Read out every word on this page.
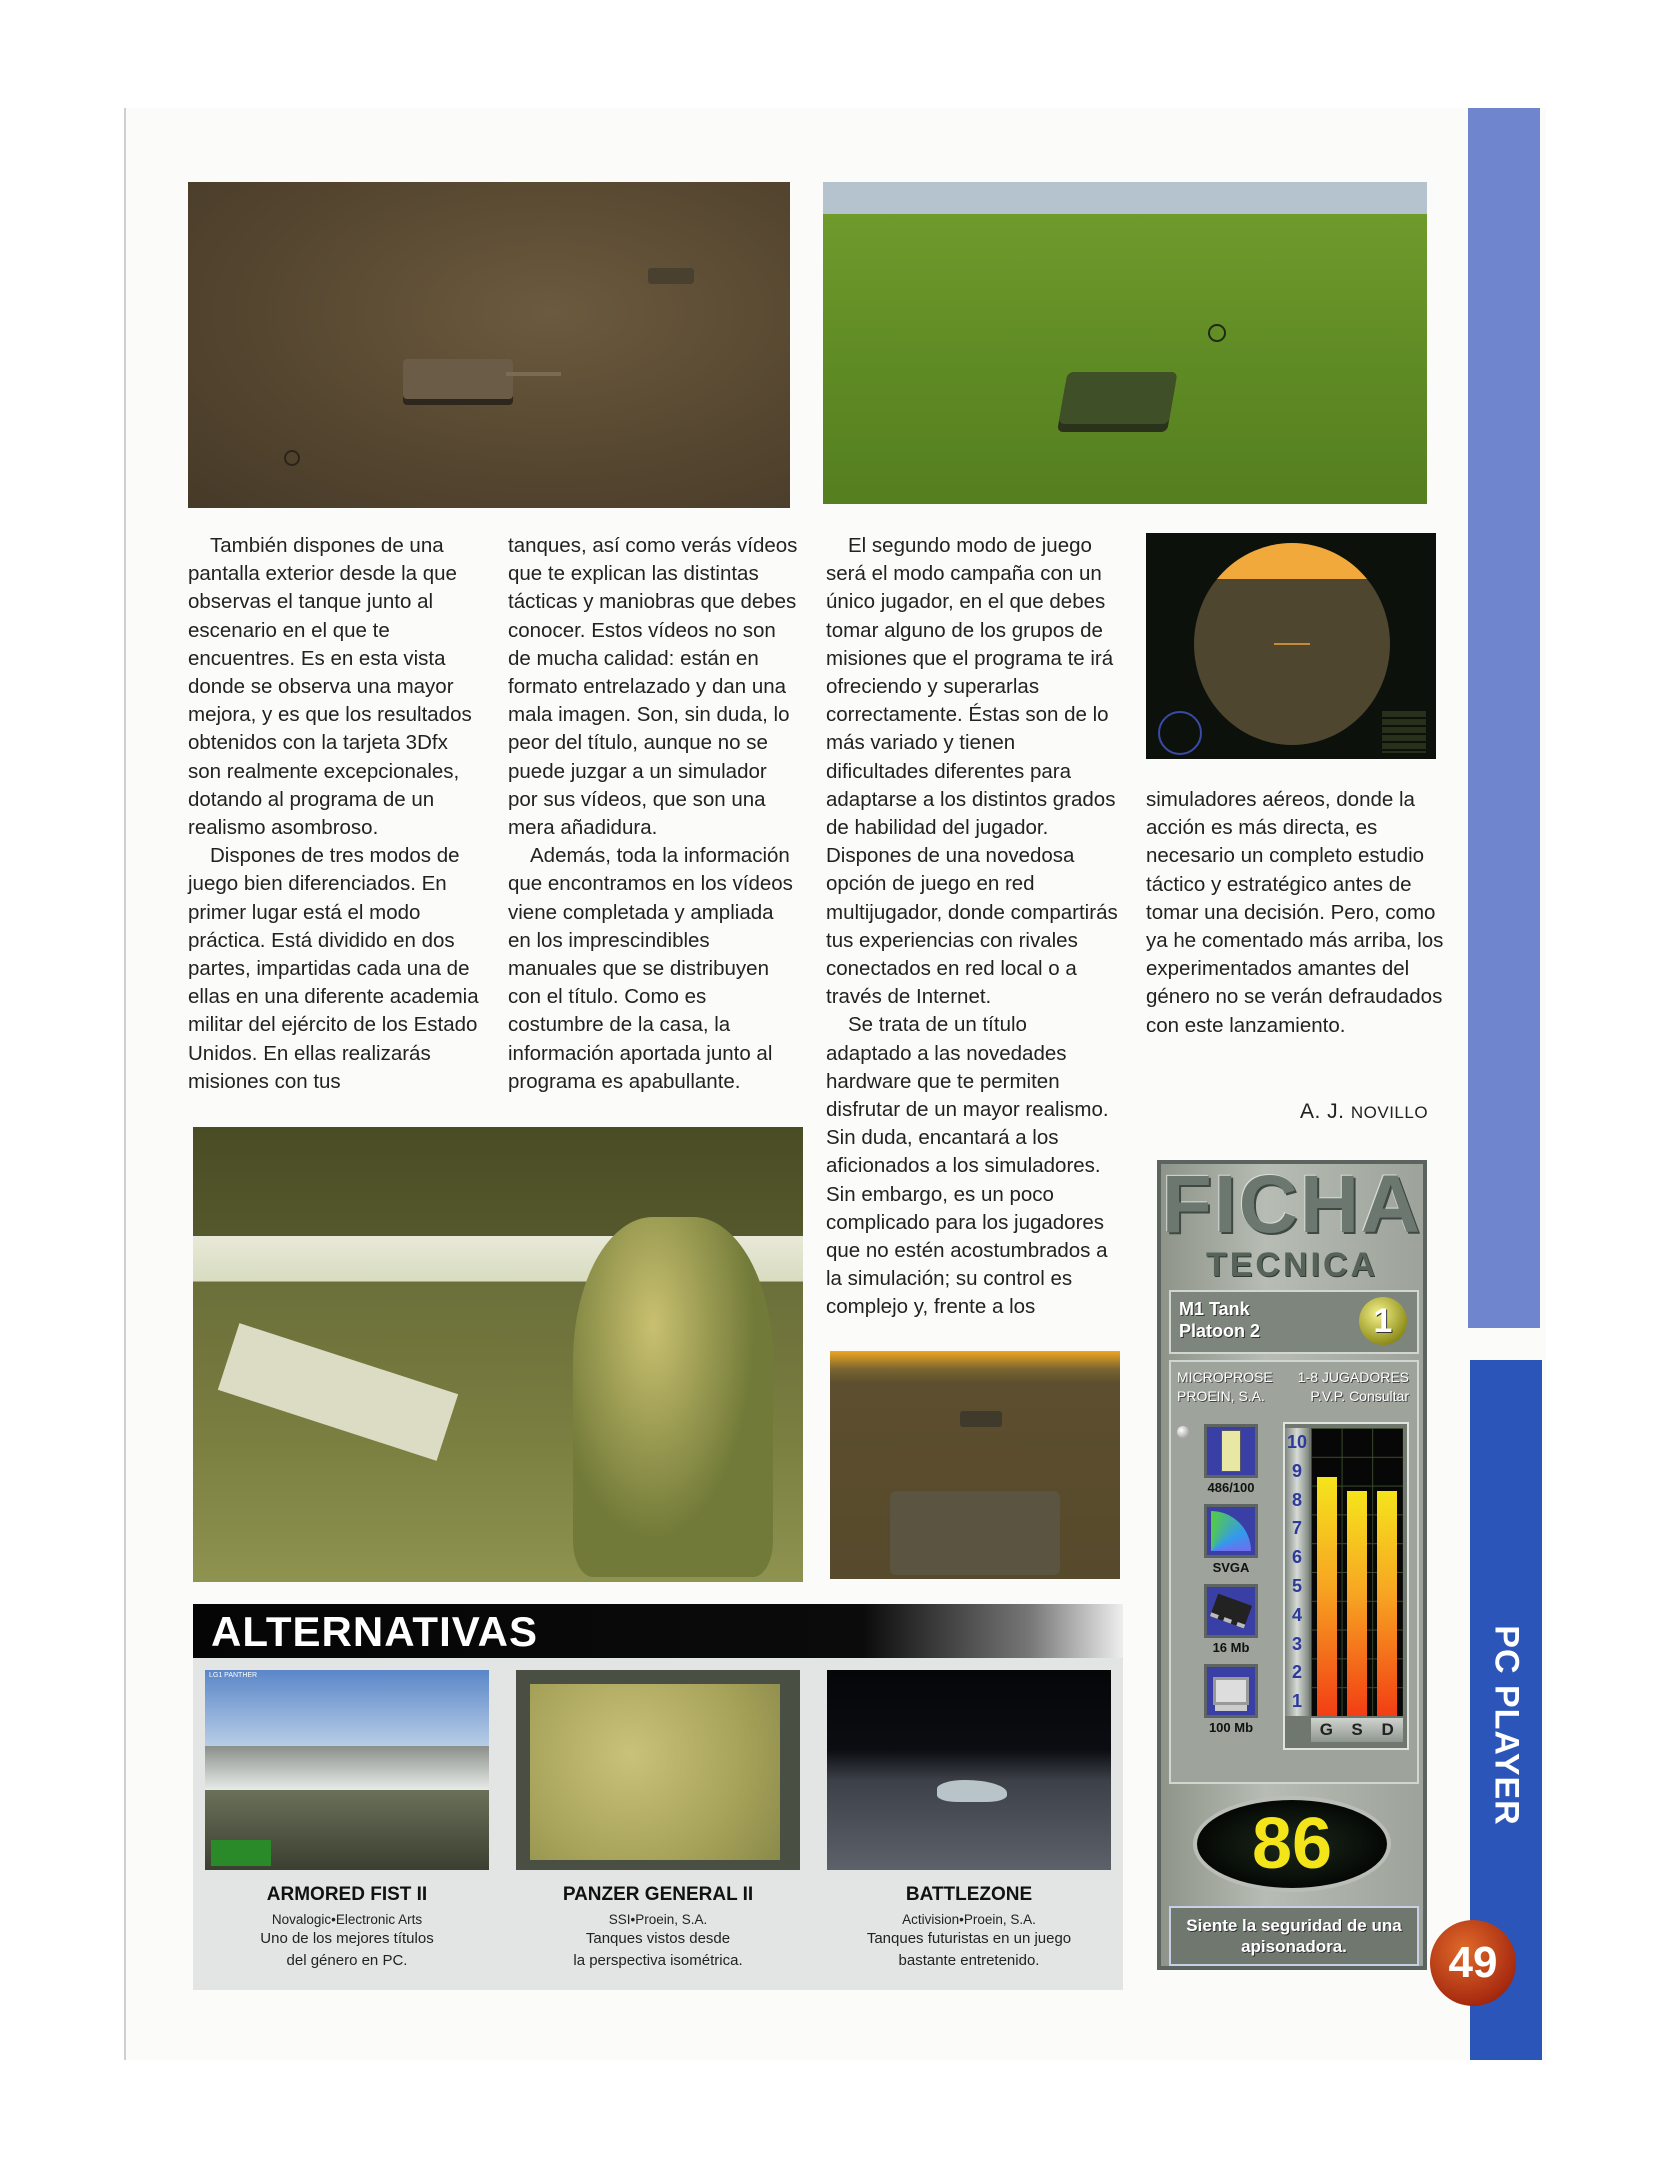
También dispones de una pantalla exterior desde la que observas el tanque junto al escenario en el que te encuentres. Es en esta vista donde se observa una mayor mejora, y es que los resultados obtenidos con la tarjeta 3Dfx son realmente excepcionales, dotando al programa de un realismo asombroso.

Dispones de tres modos de juego bien diferenciados. En primer lugar está el modo práctica. Está dividido en dos partes, impartidas cada una de ellas en una diferente academia militar del ejército de los Estado Unidos. En ellas realizarás misiones con tus

tanques, así como verás vídeos que te explican las distintas tácticas y maniobras que debes conocer. Estos vídeos no son de mucha calidad: están en formato entrelazado y dan una mala imagen. Son, sin duda, lo peor del título, aunque no se puede juzgar a un simulador por sus vídeos, que son una mera añadidura.

Además, toda la información que encontramos en los vídeos viene completada y ampliada en los imprescindibles manuales que se distribuyen con el título. Como es costumbre de la casa, la información aportada junto al programa es apabullante.

El segundo modo de juego será el modo campaña con un único jugador, en el que debes tomar alguno de los grupos de misiones que el programa te irá ofreciendo y superarlas correctamente. Éstas son de lo más variado y tienen dificultades diferentes para adaptarse a los distintos grados de habilidad del jugador. Dispones de una novedosa opción de juego en red multijugador, donde compartirás tus experiencias con rivales conectados en red local o a través de Internet.

Se trata de un título adaptado a las novedades hardware que te permiten disfrutar de un mayor realismo. Sin duda, encantará a los aficionados a los simuladores. Sin embargo, es un poco complicado para los jugadores que no estén acostumbrados a la simulación; su control es complejo y, frente a los

simuladores aéreos, donde la acción es más directa, es necesario un completo estudio táctico y estratégico antes de tomar una decisión. Pero, como ya he comentado más arriba, los experimentados amantes del género no se verán defraudados con este lanzamiento.

A. J. NOVILLO
FICHA
TECNICA
M1 Tank
Platoon 2	1
MICROPROSE
PROEIN, S.A.
1-8 JUGADORES
P.V.P. Consultar
486/100
SVGA
16 Mb
100 Mb
10
9
8
7
6
5
4
3
2
1
G	S	D
86
Siente la seguridad de una apisonadora.
ALTERNATIVAS
LG1 PANTHER
ARMORED FIST II
Novalogic•Electronic Arts
Uno de los mejores títulos
del género en PC.
PANZER GENERAL II
SSI•Proein, S.A.
Tanques vistos desde
la perspectiva isométrica.
BATTLEZONE
Activision•Proein, S.A.
Tanques futuristas en un juego
bastante entretenido.
PC PLAYER
49
